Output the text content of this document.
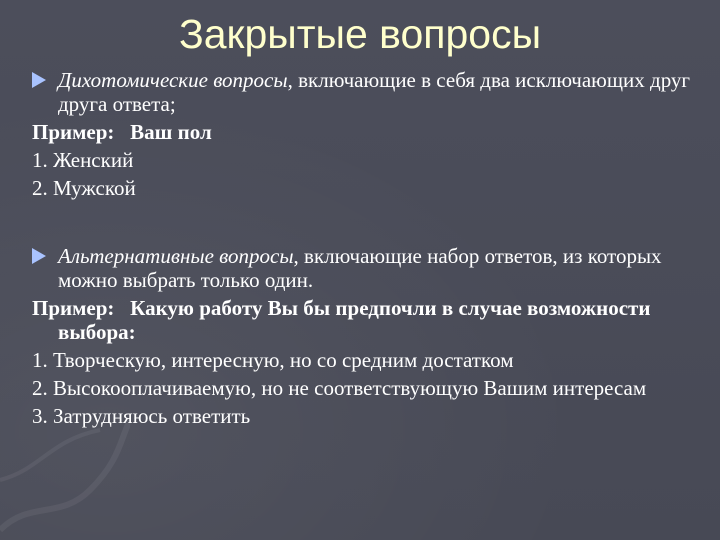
Закрытые вопросы
Дихотомические вопросы, включающие в себя два исключающих друг друга ответа;
Пример: Ваш пол
1. Женский
2. Мужской
Альтернативные вопросы, включающие набор ответов, из которых можно выбрать только один.
Пример: Какую работу Вы бы предпочли в случае возможности выбора:
1. Творческую, интересную, но со средним достатком
2. Высокооплачиваемую, но не соответствующую Вашим интересам
3. Затрудняюсь ответить
